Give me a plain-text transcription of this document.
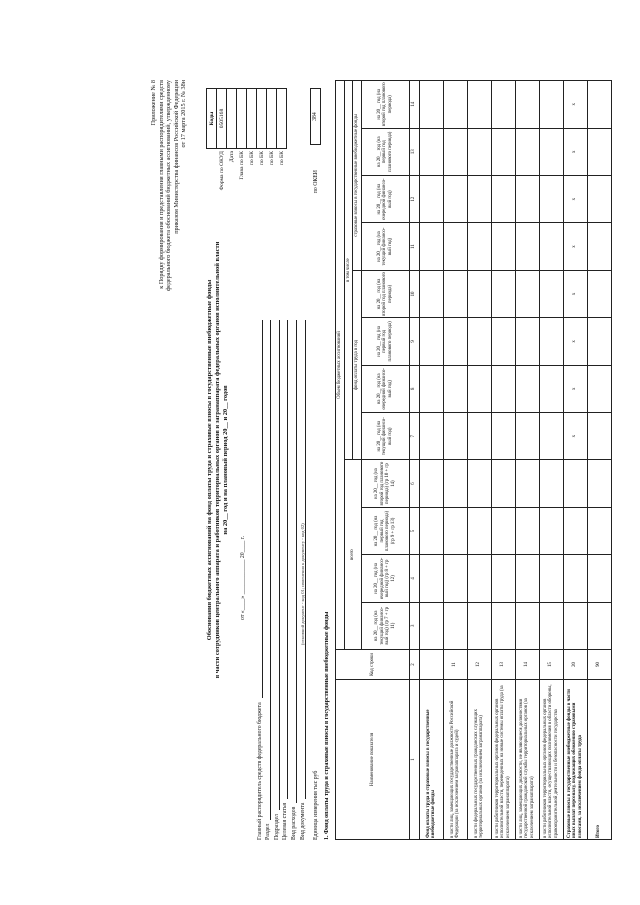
Приложение № 8 к Порядку формирования и представления главными распорядителями средств федерального бюджета обоснований бюджетных ассигнований, утвержденному приказом Министерства финансов Российской Федерации от 17 марта 2015 г. № 38н
Обоснования бюджетных ассигнований на фонд оплаты труда и страховые взносы в государственные внебюджетные фонды в части сотрудников центрального аппарата и работников территориальных органов и загранаппарата федеральных органов исполнительной власти на 20__ год и на плановый период 20__ и 20__ годов
	Коды
Форма по ОКУД	0505168
Дата	
Глава по БК	
по БК	
по БК	
по БК	
по БК	
от «____» ____________ 20____ г.
Главный распорядитель средств федерального бюджета Раздел Подраздел Целевая статья Вид расходов Вид документа
(основной документ - код 01; изменения к документу - код 02)
Единица измерения тыс руб
по ОКЕИ
384
1. Фонд оплаты труда и страховые взносы в государственные внебюджетные фонды	Наименование показателя	Код строки	Объем бюджетных ассигнований											
		всего				в том числе							
						фонд оплаты труда в год				страховые взносы в государственные внебюджетные фонды			
		на 20__ год (на текущий финансо-вый год) (гр 7 + гр 11)	на 20__ год (на очередной финансо-вый год) (гр 8 + гр 12)	на 20__ год (на первый год планового периода) (гр 9 + гр 13)	на 20__ год (на второй год планового периода) (гр 10 + гр 14)	на 20__ год (на текущий финансо-вый год)	на 20__ год (на очередной финансо-вый год)	на 20__ год (на первый год планового периода)	на 20__ год (на второй год планового периода)	на 20__ год (на текущий финансо-вый год)	на 20__ год (на очередной финансо-вый год)	на 20__ год (на первый год планового периода)	на 20__ год (на второй год планового периода)
1	2	3	4	5	6	7	8	9	10	11	12	13	14
Фонд оплаты труда и страховые взносы в государственные внебюджетные фонды													
в части лиц, замещающих государственные должности Российской Федерации (за исключением загранаппарата и судей)	11												
в части федеральных государственных гражданских служащих территориальных органов (за исключением загранаппарата)	12												
в части работников территориальных органов федеральных органов исполнительной власти, переведенных на новые системы оплаты труда (за исключением загранаппарата)	13												
в части лиц, замещающих должности, не являющиеся должностями государственной гражданской службы территориальных органов (за исключением загранаппарата)	14												
в части работников территориальных органов федеральных органов исполнительной власти, осуществляющих полномочия в области обороны, правоохранительной деятельности и безопасности государства	15												
Страховые взносы в государственные внебюджетные фонды в части иных выплат персоналу, подлежащих обложению страховыми взносами, за исключением фонда оплаты труда	20					x	x	x	x	x	x	x	x
Итого	90												
